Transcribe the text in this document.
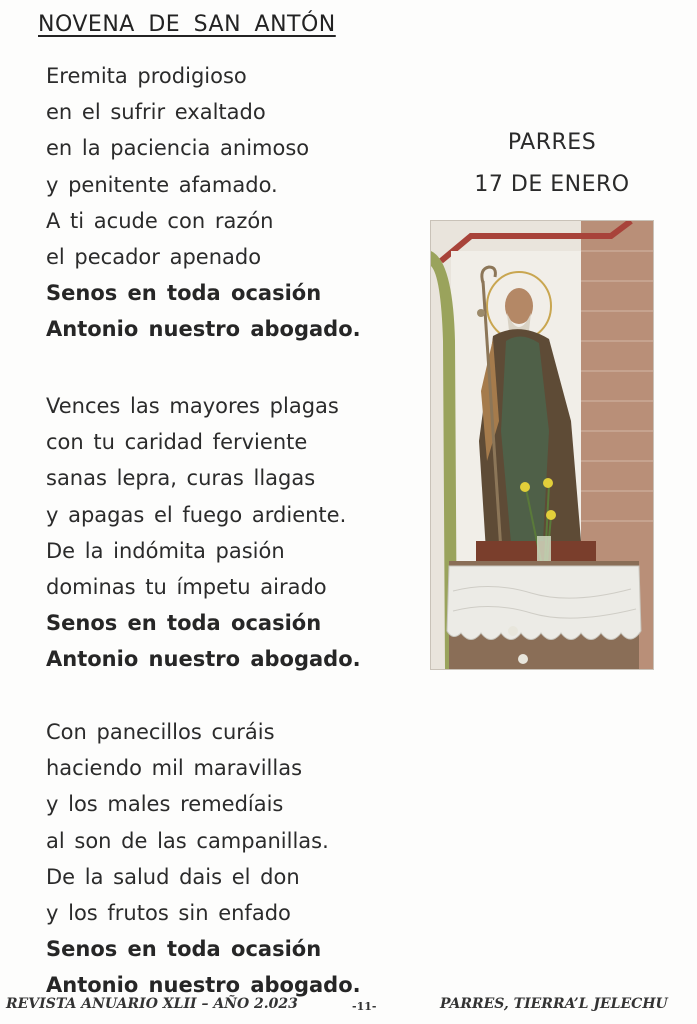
NOVENA DE SAN ANTÓN
Eremita prodigioso
en el sufrir exaltado
en la paciencia animoso
y penitente afamado.
A ti acude con razón
el pecador apenado
Senos en toda ocasión
Antonio nuestro abogado.
Vences las mayores plagas
con tu caridad ferviente
sanas lepra, curas llagas
y apagas el fuego ardiente.
De la indómita pasión
dominas tu ímpetu airado
Senos en toda ocasión
Antonio nuestro abogado.
Con panecillos curáis
haciendo mil maravillas
y los males remedíais
al son de las campanillas.
De la salud dais el don
y los frutos sin enfado
Senos en toda ocasión
Antonio nuestro abogado.
PARRES
17 DE ENERO
REVISTA ANUARIO XLII – AÑO 2.023	-11-	PARRES, TIERRA’L JELECHU
